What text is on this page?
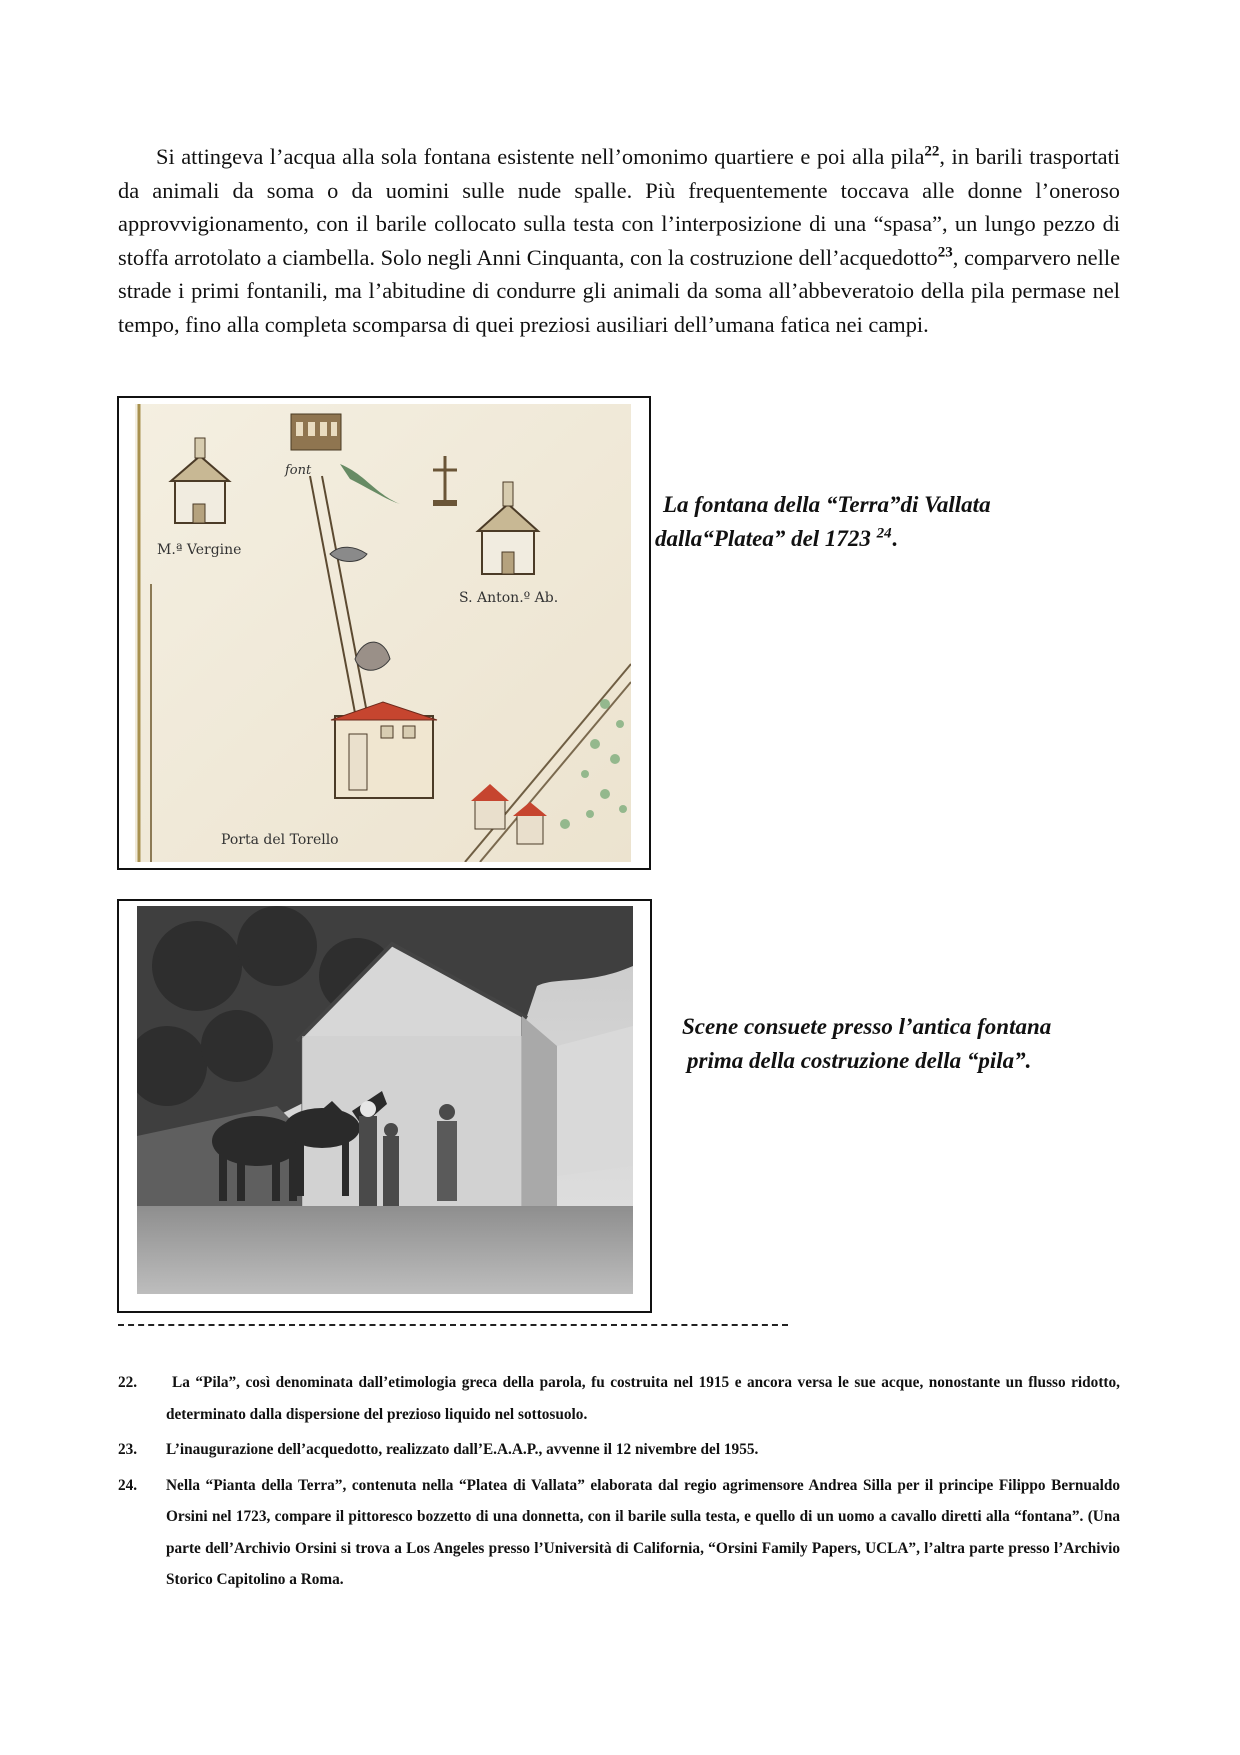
Si attingeva l’acqua alla sola fontana esistente nell’omonimo quartiere e poi alla pila$^{22}$, in barili trasportati da animali da soma o da uomini sulle nude spalle. Più frequentemente toccava alle donne l’oneroso approvvigionamento, con il barile collocato sulla testa con l’interposizione di una “spasa”, un lungo pezzo di stoffa arrotolato a ciambella. Solo negli Anni Cinquanta, con la costruzione dell’acquedotto$^{23}$, comparvero nelle strade i primi fontanili, ma l’abitudine di condurre gli animali da soma all’abbeveratoio della pila permase nel tempo, fino alla completa scomparsa di quei preziosi ausiliari dell’umana fatica nei campi.

font
M.ª Vergine
S. Anton.º Ab.
Porta del Torello
La fontana della “Terra”di Vallata
dalla“Platea” del 1723 $^{24}$.
Scene consuete presso l’antica fontana
prima della costruzione della “pila”.
22. La “Pila”, così denominata dall’etimologia greca della parola, fu costruita nel 1915 e ancora versa le sue acque, nonostante un flusso ridotto, determinato dalla dispersione del prezioso liquido nel sottosuolo.
23. L’inaugurazione dell’acquedotto, realizzato dall’E.A.A.P., avvenne il 12 nivembre del 1955.
24. Nella “Pianta della Terra”, contenuta nella “Platea di Vallata” elaborata dal regio agrimensore Andrea Silla per il principe Filippo Bernualdo Orsini nel 1723, compare il pittoresco bozzetto di una donnetta, con il barile sulla testa, e quello di un uomo a cavallo diretti alla “fontana”. (Una parte dell’Archivio Orsini si trova a Los Angeles presso l’Università di California, “Orsini Family Papers, UCLA”, l’altra parte presso l’Archivio Storico Capitolino a Roma.
